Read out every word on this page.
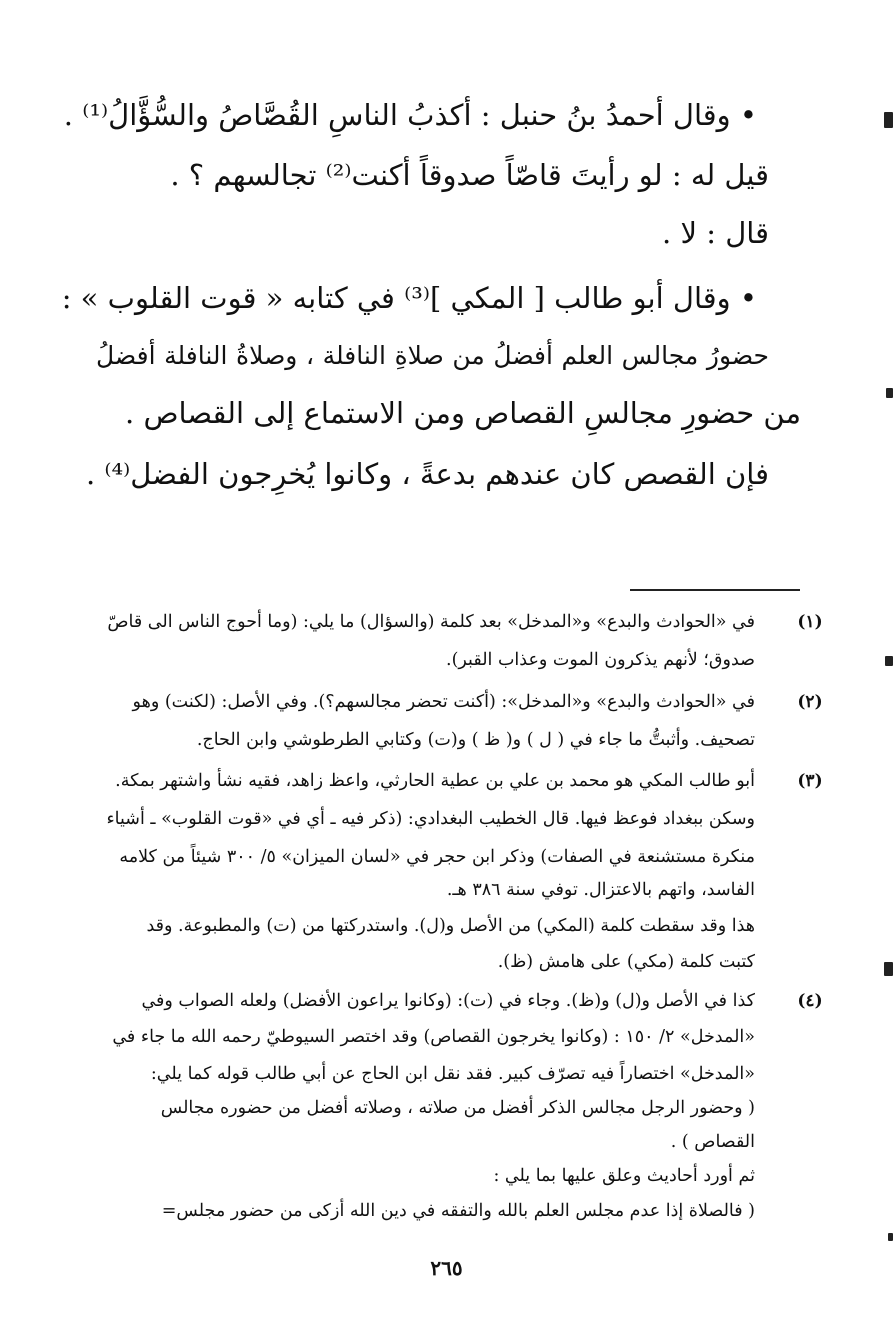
• وقال أحمدُ بنُ حنبل : أكذبُ الناسِ القُصَّاصُ والسُّؤَّالُ⁽¹⁾ .
قيل له : لو رأيتَ قاصّاً صدوقاً أكنت⁽²⁾ تجالسهم ؟ .
قال : لا .
• وقال أبو طالب [ المكي ]⁽³⁾ في كتابه « قوت القلوب » :
حضورُ مجالس العلم أفضلُ من صلاةِ النافلة ، وصلاةُ النافلة أفضلُ
من حضورِ مجالسِ القصاص ومن الاستماع إلى القصاص .
فإن القصص كان عندهم بدعةً ، وكانوا يُخرِجون الفضل⁽⁴⁾ .
(١)
في «الحوادث والبدع» و«المدخل» بعد كلمة (والسؤال) ما يلي: (وما أحوج الناس الى قاصّ
صدوق؛ لأنهم يذكرون الموت وعذاب القبر).
(٢)
في «الحوادث والبدع» و«المدخل»: (أكنت تحضر مجالسهم؟). وفي الأصل: (لكنت) وهو
تصحيف. وأثبتُّ ما جاء في ( ل ) و( ظ ) و(ت) وكتابي الطرطوشي وابن الحاج.
(٣)
أبو طالب المكي هو محمد بن علي بن عطية الحارثي، واعظ زاهد، فقيه نشأ واشتهر بمكة.
وسكن ببغداد فوعظ فيها. قال الخطيب البغدادي: (ذكر فيه ـ أي في «قوت القلوب» ـ أشياء
منكرة مستشنعة في الصفات) وذكر ابن حجر في «لسان الميزان» ٥/ ٣٠٠ شيئاً من كلامه
الفاسد، واتهم بالاعتزال. توفي سنة ٣٨٦ هـ.
هذا وقد سقطت كلمة (المكي) من الأصل و(ل). واستدركتها من (ت) والمطبوعة. وقد
كتبت كلمة (مكي) على هامش (ظ).
(٤)
كذا في الأصل و(ل) و(ظ). وجاء في (ت): (وكانوا يراعون الأفضل) ولعله الصواب وفي
«المدخل» ٢/ ١٥٠ : (وكانوا يخرجون القصاص) وقد اختصر السيوطيّ رحمه الله ما جاء في
«المدخل» اختصاراً فيه تصرّف كبير. فقد نقل ابن الحاج عن أبي طالب قوله كما يلي:
( وحضور الرجل مجالس الذكر أفضل من صلاته ، وصلاته أفضل من حضوره مجالس
القصاص ) .
ثم أورد أحاديث وعلق عليها بما يلي :
( فالصلاة إذا عدم مجلس العلم بالله والتفقه في دين الله أزكى من حضور مجلس=
٢٦٥
